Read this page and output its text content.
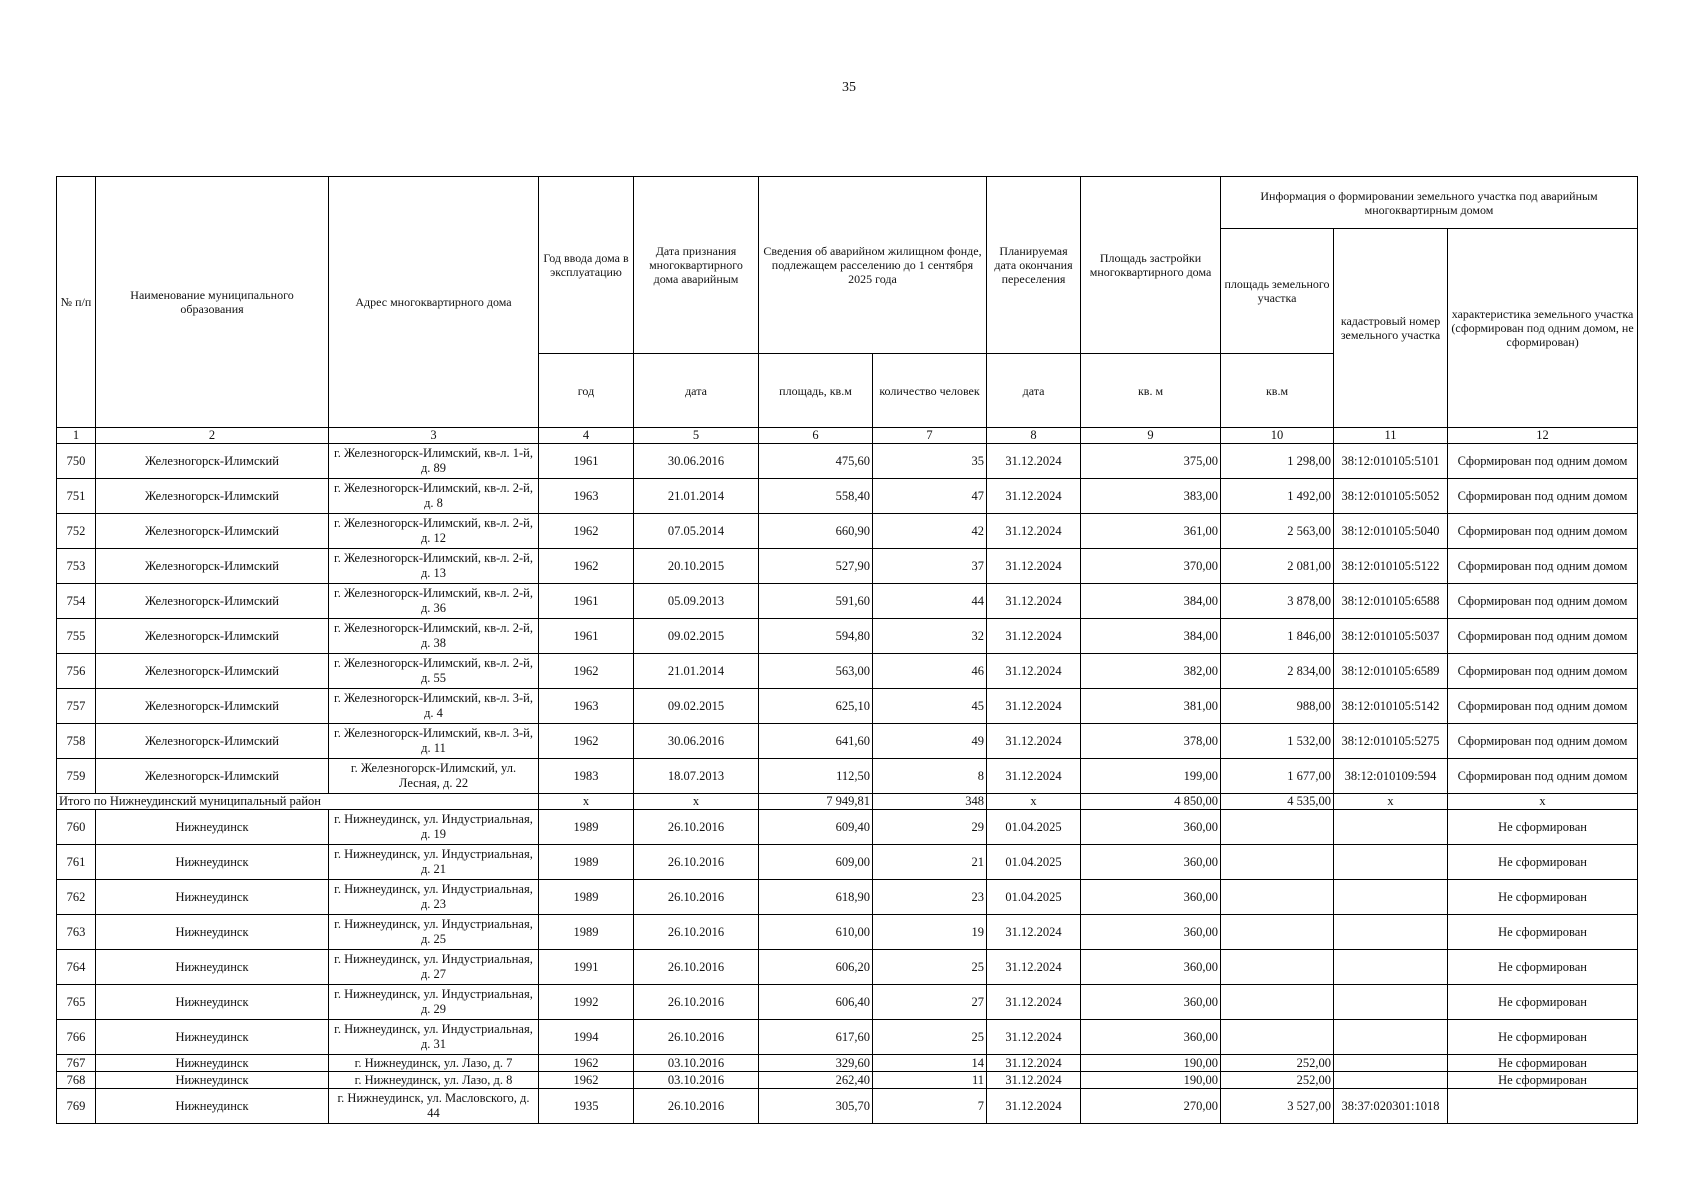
35
№ п/п	Наименование муниципального образования	Адрес многоквартирного дома	Год ввода дома в эксплуатацию	Дата признания многоквартирного дома аварийным	Сведения об аварийном жилищном фонде, подлежащем расселению до 1 сентября 2025 года		Планируемая дата окончания переселения	Площадь застройки многоквартирного дома	Информация о формировании земельного участка под аварийным многоквартирным домом		
									площадь земельного участка	кадастровый номер земельного участка	характеристика земельного участка (сформирован под одним домом, не сформирован)
			год	дата	площадь, кв.м	количество человек	дата	кв. м	кв.м		
1	2	3	4	5	6	7	8	9	10	11	12
750	Железногорск-Илимский	г. Железногорск-Илимский, кв-л. 1-й, д. 89	1961	30.06.2016	475,60	35	31.12.2024	375,00	1 298,00	38:12:010105:5101	Сформирован под одним домом
751	Железногорск-Илимский	г. Железногорск-Илимский, кв-л. 2-й, д. 8	1963	21.01.2014	558,40	47	31.12.2024	383,00	1 492,00	38:12:010105:5052	Сформирован под одним домом
752	Железногорск-Илимский	г. Железногорск-Илимский, кв-л. 2-й, д. 12	1962	07.05.2014	660,90	42	31.12.2024	361,00	2 563,00	38:12:010105:5040	Сформирован под одним домом
753	Железногорск-Илимский	г. Железногорск-Илимский, кв-л. 2-й, д. 13	1962	20.10.2015	527,90	37	31.12.2024	370,00	2 081,00	38:12:010105:5122	Сформирован под одним домом
754	Железногорск-Илимский	г. Железногорск-Илимский, кв-л. 2-й, д. 36	1961	05.09.2013	591,60	44	31.12.2024	384,00	3 878,00	38:12:010105:6588	Сформирован под одним домом
755	Железногорск-Илимский	г. Железногорск-Илимский, кв-л. 2-й, д. 38	1961	09.02.2015	594,80	32	31.12.2024	384,00	1 846,00	38:12:010105:5037	Сформирован под одним домом
756	Железногорск-Илимский	г. Железногорск-Илимский, кв-л. 2-й, д. 55	1962	21.01.2014	563,00	46	31.12.2024	382,00	2 834,00	38:12:010105:6589	Сформирован под одним домом
757	Железногорск-Илимский	г. Железногорск-Илимский, кв-л. 3-й, д. 4	1963	09.02.2015	625,10	45	31.12.2024	381,00	988,00	38:12:010105:5142	Сформирован под одним домом
758	Железногорск-Илимский	г. Железногорск-Илимский, кв-л. 3-й, д. 11	1962	30.06.2016	641,60	49	31.12.2024	378,00	1 532,00	38:12:010105:5275	Сформирован под одним домом
759	Железногорск-Илимский	г. Железногорск-Илимский, ул. Лесная, д. 22	1983	18.07.2013	112,50	8	31.12.2024	199,00	1 677,00	38:12:010109:594	Сформирован под одним домом
Итого по Нижнеудинский муниципальный район			x	x	7 949,81	348	x	4 850,00	4 535,00	x	x
760	Нижнеудинск	г. Нижнеудинск, ул. Индустриальная, д. 19	1989	26.10.2016	609,40	29	01.04.2025	360,00			Не сформирован
761	Нижнеудинск	г. Нижнеудинск, ул. Индустриальная, д. 21	1989	26.10.2016	609,00	21	01.04.2025	360,00			Не сформирован
762	Нижнеудинск	г. Нижнеудинск, ул. Индустриальная, д. 23	1989	26.10.2016	618,90	23	01.04.2025	360,00			Не сформирован
763	Нижнеудинск	г. Нижнеудинск, ул. Индустриальная, д. 25	1989	26.10.2016	610,00	19	31.12.2024	360,00			Не сформирован
764	Нижнеудинск	г. Нижнеудинск, ул. Индустриальная, д. 27	1991	26.10.2016	606,20	25	31.12.2024	360,00			Не сформирован
765	Нижнеудинск	г. Нижнеудинск, ул. Индустриальная, д. 29	1992	26.10.2016	606,40	27	31.12.2024	360,00			Не сформирован
766	Нижнеудинск	г. Нижнеудинск, ул. Индустриальная, д. 31	1994	26.10.2016	617,60	25	31.12.2024	360,00			Не сформирован
767	Нижнеудинск	г. Нижнеудинск, ул. Лазо, д. 7	1962	03.10.2016	329,60	14	31.12.2024	190,00	252,00		Не сформирован
768	Нижнеудинск	г. Нижнеудинск, ул. Лазо, д. 8	1962	03.10.2016	262,40	11	31.12.2024	190,00	252,00		Не сформирован
769	Нижнеудинск	г. Нижнеудинск, ул. Масловского, д. 44	1935	26.10.2016	305,70	7	31.12.2024	270,00	3 527,00	38:37:020301:1018	
